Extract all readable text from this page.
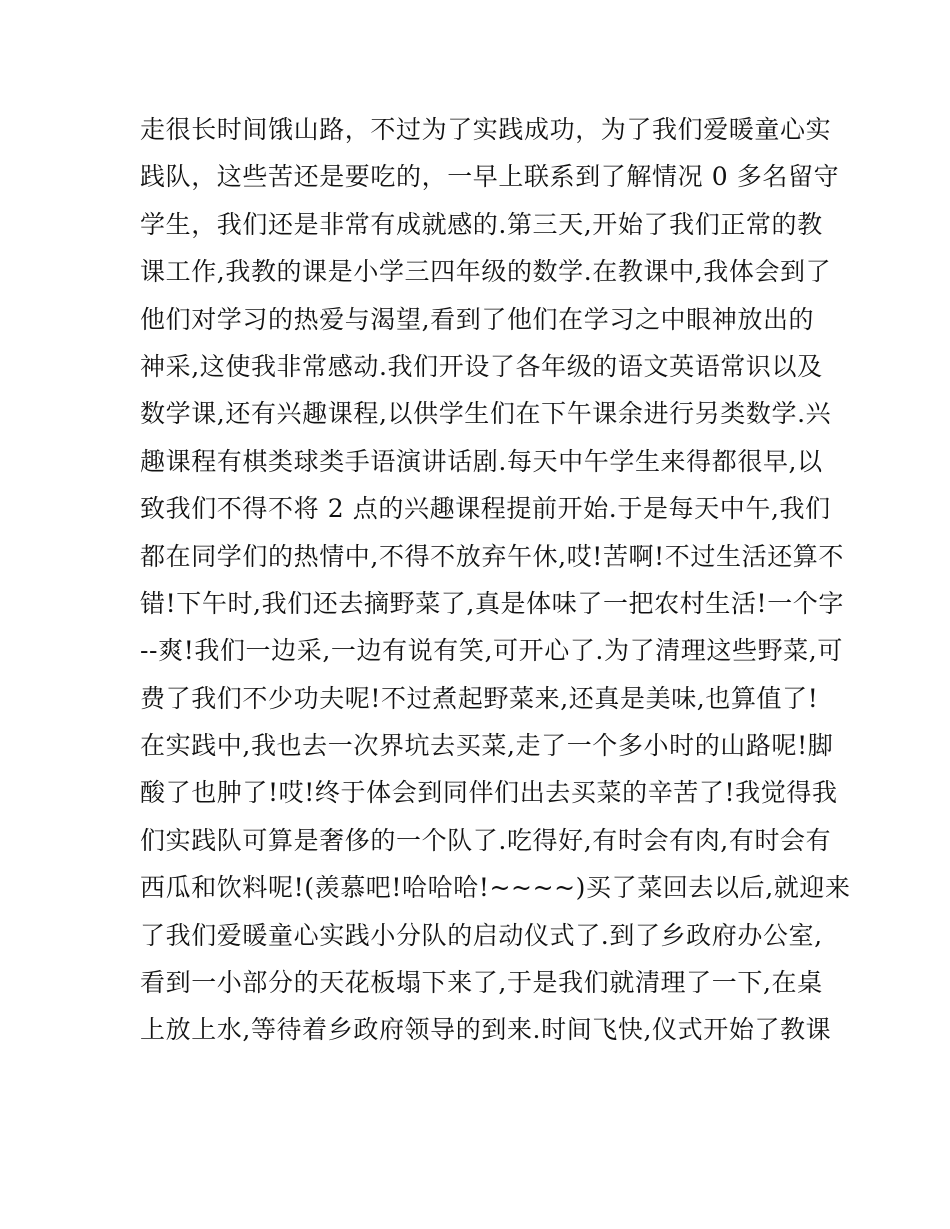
走很长时间饿山路，不过为了实践成功，为了我们爱暖童心实
践队，这些苦还是要吃的，一早上联系到了解情况 0 多名留守
学生，我们还是非常有成就感的.第三天,开始了我们正常的教
课工作,我教的课是小学三四年级的数学.在教课中,我体会到了
他们对学习的热爱与渴望,看到了他们在学习之中眼神放出的
神采,这使我非常感动.我们开设了各年级的语文英语常识以及
数学课,还有兴趣课程,以供学生们在下午课余进行另类数学.兴
趣课程有棋类球类手语演讲话剧.每天中午学生来得都很早,以
致我们不得不将 2 点的兴趣课程提前开始.于是每天中午,我们
都在同学们的热情中,不得不放弃午休,哎!苦啊!不过生活还算不
错!下午时,我们还去摘野菜了,真是体味了一把农村生活!一个字
--爽!我们一边采,一边有说有笑,可开心了.为了清理这些野菜,可
费了我们不少功夫呢!不过煮起野菜来,还真是美味,也算值了!
在实践中,我也去一次界坑去买菜,走了一个多小时的山路呢!脚
酸了也肿了!哎!终于体会到同伴们出去买菜的辛苦了!我觉得我
们实践队可算是奢侈的一个队了.吃得好,有时会有肉,有时会有
西瓜和饮料呢!(羡慕吧!哈哈哈!~~~~)买了菜回去以后,就迎来
了我们爱暖童心实践小分队的启动仪式了.到了乡政府办公室,
看到一小部分的天花板塌下来了,于是我们就清理了一下,在桌
上放上水,等待着乡政府领导的到来.时间飞快,仪式开始了教课
